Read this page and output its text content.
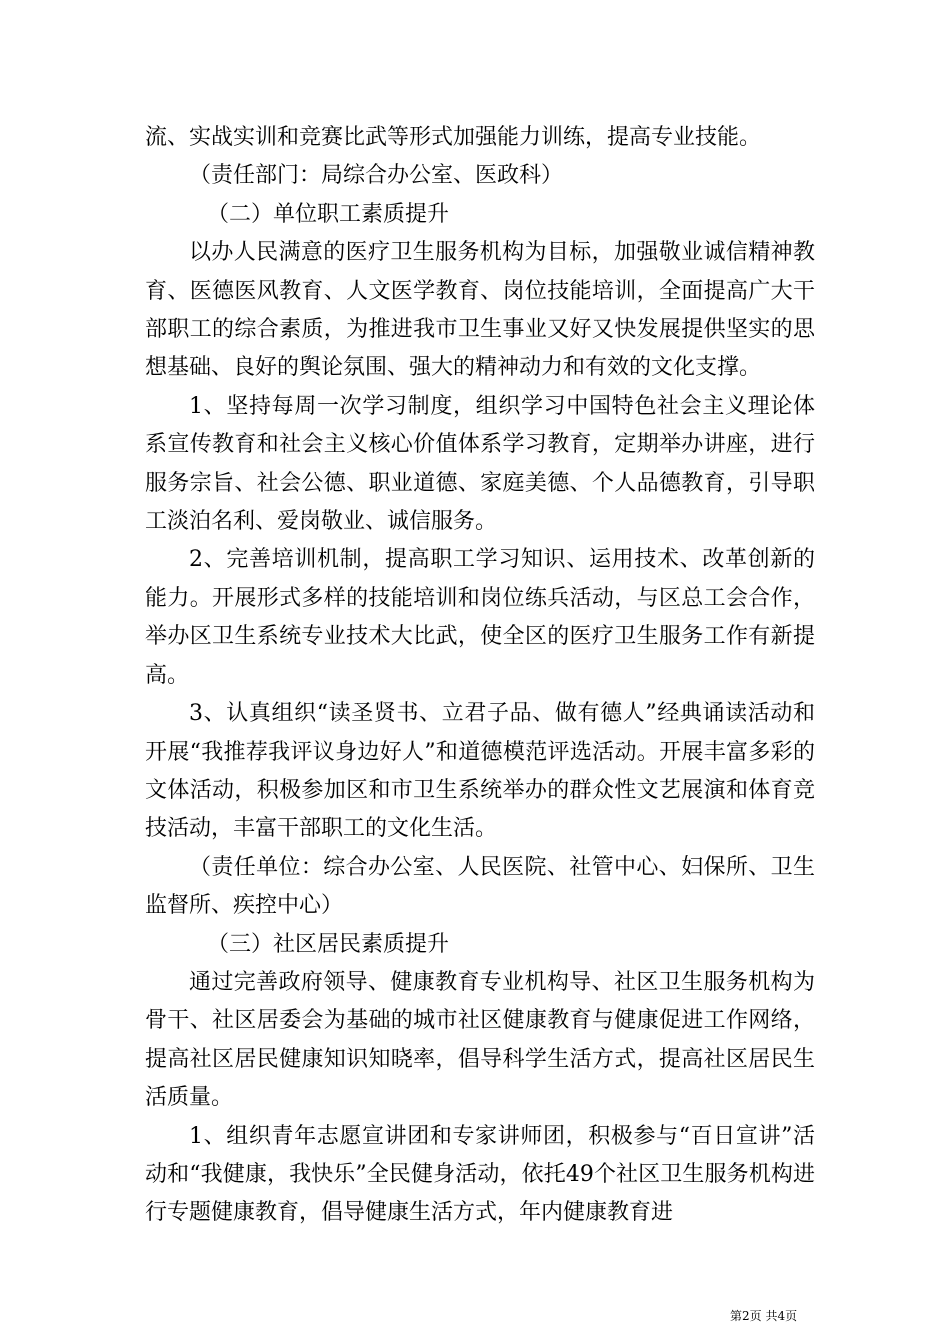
流、实战实训和竞赛比武等形式加强能力训练，提高专业技能。

（责任部门：局综合办公室、医政科）

（二）单位职工素质提升

以办人民满意的医疗卫生服务机构为目标，加强敬业诚信精神教育、医德医风教育、人文医学教育、岗位技能培训，全面提高广大干部职工的综合素质，为推进我市卫生事业又好又快发展提供坚实的思想基础、良好的舆论氛围、强大的精神动力和有效的文化支撑。

1、坚持每周一次学习制度，组织学习中国特色社会主义理论体系宣传教育和社会主义核心价值体系学习教育，定期举办讲座，进行服务宗旨、社会公德、职业道德、家庭美德、个人品德教育，引导职工淡泊名利、爱岗敬业、诚信服务。

2、完善培训机制，提高职工学习知识、运用技术、改革创新的能力。开展形式多样的技能培训和岗位练兵活动，与区总工会合作，举办区卫生系统专业技术大比武，使全区的医疗卫生服务工作有新提高。

3、认真组织“读圣贤书、立君子品、做有德人”经典诵读活动和开展“我推荐我评议身边好人”和道德模范评选活动。开展丰富多彩的文体活动，积极参加区和市卫生系统举办的群众性文艺展演和体育竞技活动，丰富干部职工的文化生活。

（责任单位：综合办公室、人民医院、社管中心、妇保所、卫生监督所、疾控中心）

（三）社区居民素质提升

通过完善政府领导、健康教育专业机构导、社区卫生服务机构为骨干、社区居委会为基础的城市社区健康教育与健康促进工作网络，提高社区居民健康知识知晓率，倡导科学生活方式，提高社区居民生活质量。

1、组织青年志愿宣讲团和专家讲师团，积极参与“百日宣讲”活动和“我健康，我快乐”全民健身活动，依托49个社区卫生服务机构进行专题健康教育，倡导健康生活方式，年内健康教育进

第2页 共4页
